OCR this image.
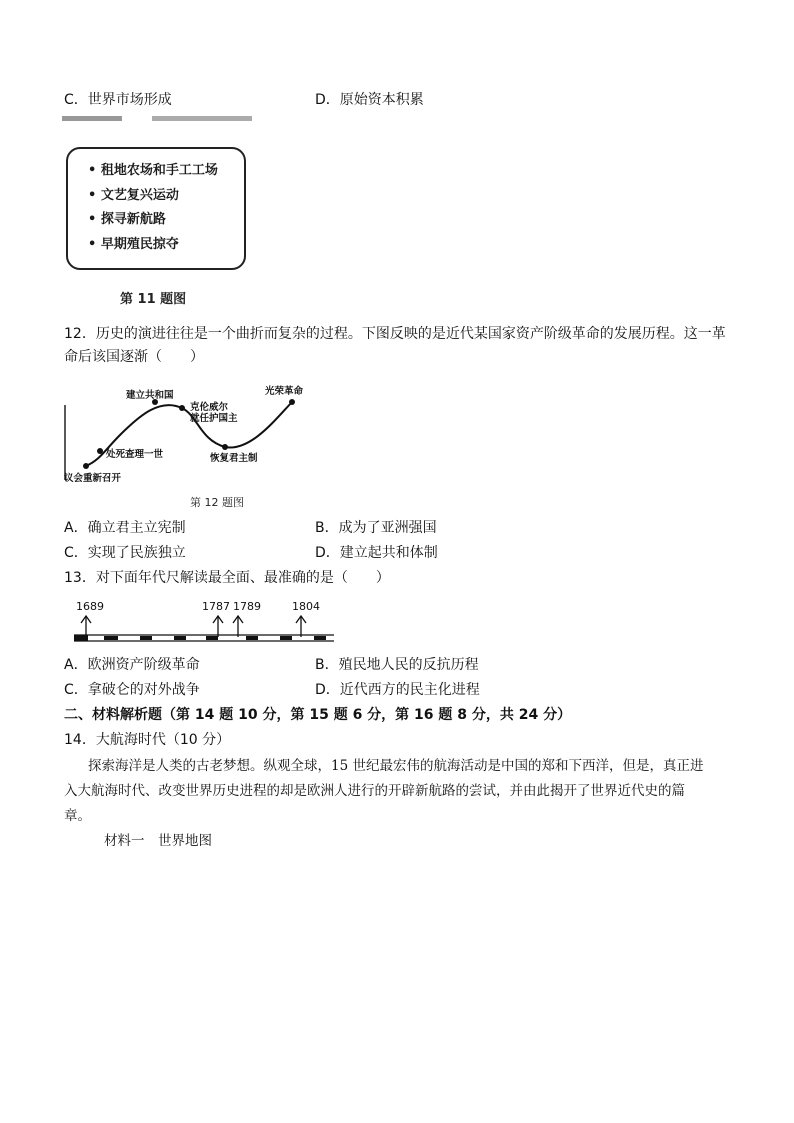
C．世界市场形成	D．原始资本积累
• 租地农场和手工工场
• 文艺复兴运动
• 探寻新航路
• 早期殖民掠夺
第 11 题图
12．历史的演进往往是一个曲折而复杂的过程。下图反映的是近代某国家资产阶级革命的发展历程。这一革
命后该国逐渐（　　）
议会重新召开
处死查理一世
建立共和国
克伦威尔
就任护国主
恢复君主制
光荣革命
第 12 题图
A．确立君主立宪制	B．成为了亚洲强国
C．实现了民族独立	D．建立起共和体制
13．对下面年代尺解读最全面、最准确的是（　　）
1689	1787 1789	1804
A．欧洲资产阶级革命	B．殖民地人民的反抗历程
C．拿破仑的对外战争	D．近代西方的民主化进程
二、材料解析题（第 14 题 10 分，第 15 题 6 分，第 16 题 8 分，共 24 分）
14．大航海时代（10 分）
探索海洋是人类的古老梦想。纵观全球，15 世纪最宏伟的航海活动是中国的郑和下西洋，但是，真正进
入大航海时代、改变世界历史进程的却是欧洲人进行的开辟新航路的尝试，并由此揭开了世界近代史的篇
章。
材料一　世界地图
